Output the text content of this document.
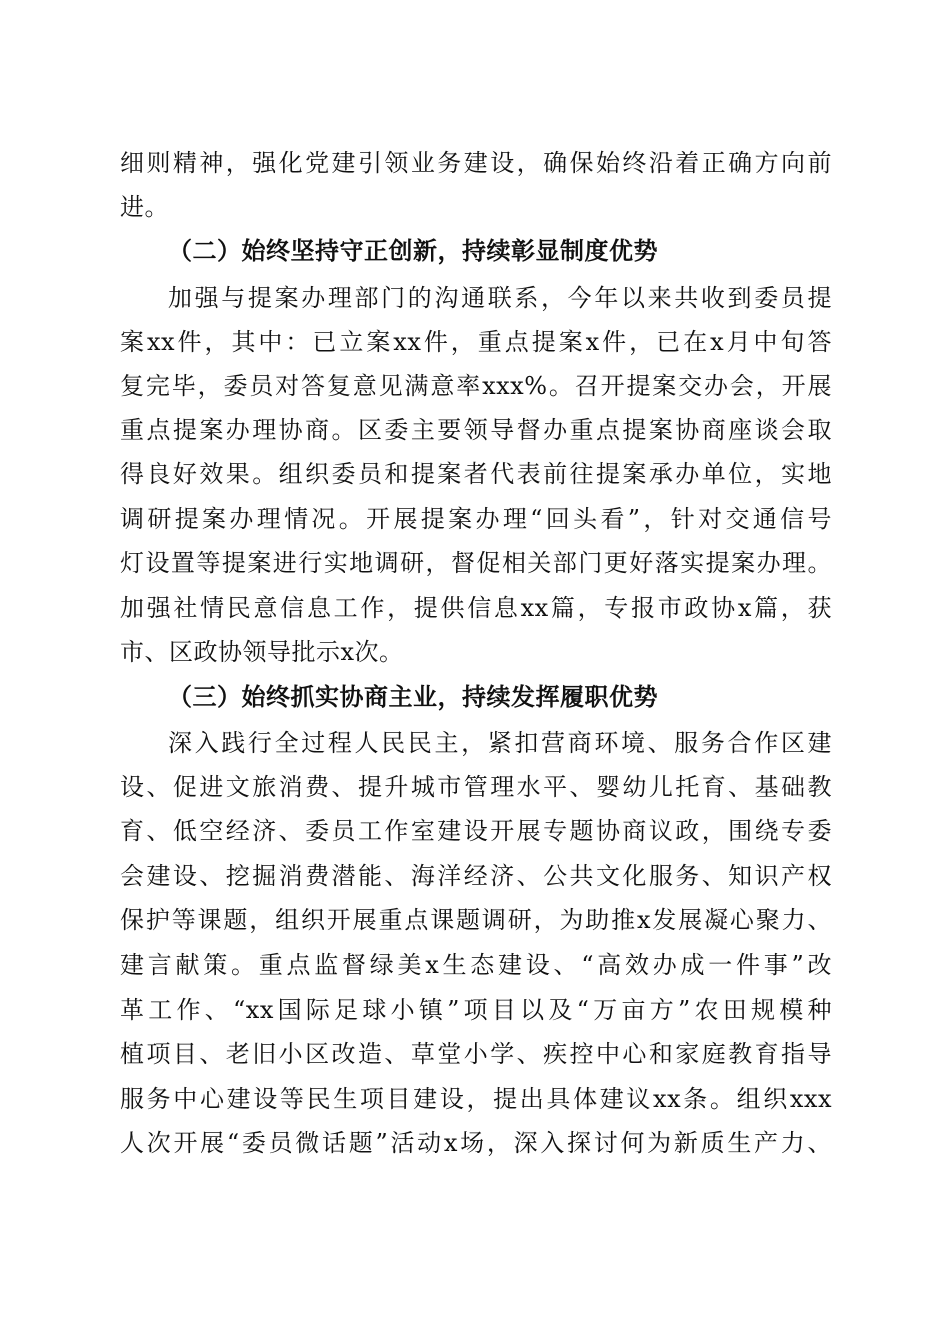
细则精神，强化党建引领业务建设，确保始终沿着正确方向前
进。
（二）始终坚持守正创新，持续彰显制度优势
加强与提案办理部门的沟通联系，今年以来共收到委员提
案xx件，其中：已立案xx件，重点提案x件，已在x月中旬答
复完毕，委员对答复意见满意率xxx%。召开提案交办会，开展
重点提案办理协商。区委主要领导督办重点提案协商座谈会取
得良好效果。组织委员和提案者代表前往提案承办单位，实地
调研提案办理情况。开展提案办理“回头看”，针对交通信号
灯设置等提案进行实地调研，督促相关部门更好落实提案办理。
加强社情民意信息工作，提供信息xx篇，专报市政协x篇，获
市、区政协领导批示x次。
（三）始终抓实协商主业，持续发挥履职优势
深入践行全过程人民民主，紧扣营商环境、服务合作区建
设、促进文旅消费、提升城市管理水平、婴幼儿托育、基础教
育、低空经济、委员工作室建设开展专题协商议政，围绕专委
会建设、挖掘消费潜能、海洋经济、公共文化服务、知识产权
保护等课题，组织开展重点课题调研，为助推x发展凝心聚力、
建言献策。重点监督绿美x生态建设、“高效办成一件事”改
革工作、“xx国际足球小镇”项目以及“万亩方”农田规模种
植项目、老旧小区改造、草堂小学、疾控中心和家庭教育指导
服务中心建设等民生项目建设，提出具体建议xx条。组织xxx
人次开展“委员微话题”活动x场，深入探讨何为新质生产力、
